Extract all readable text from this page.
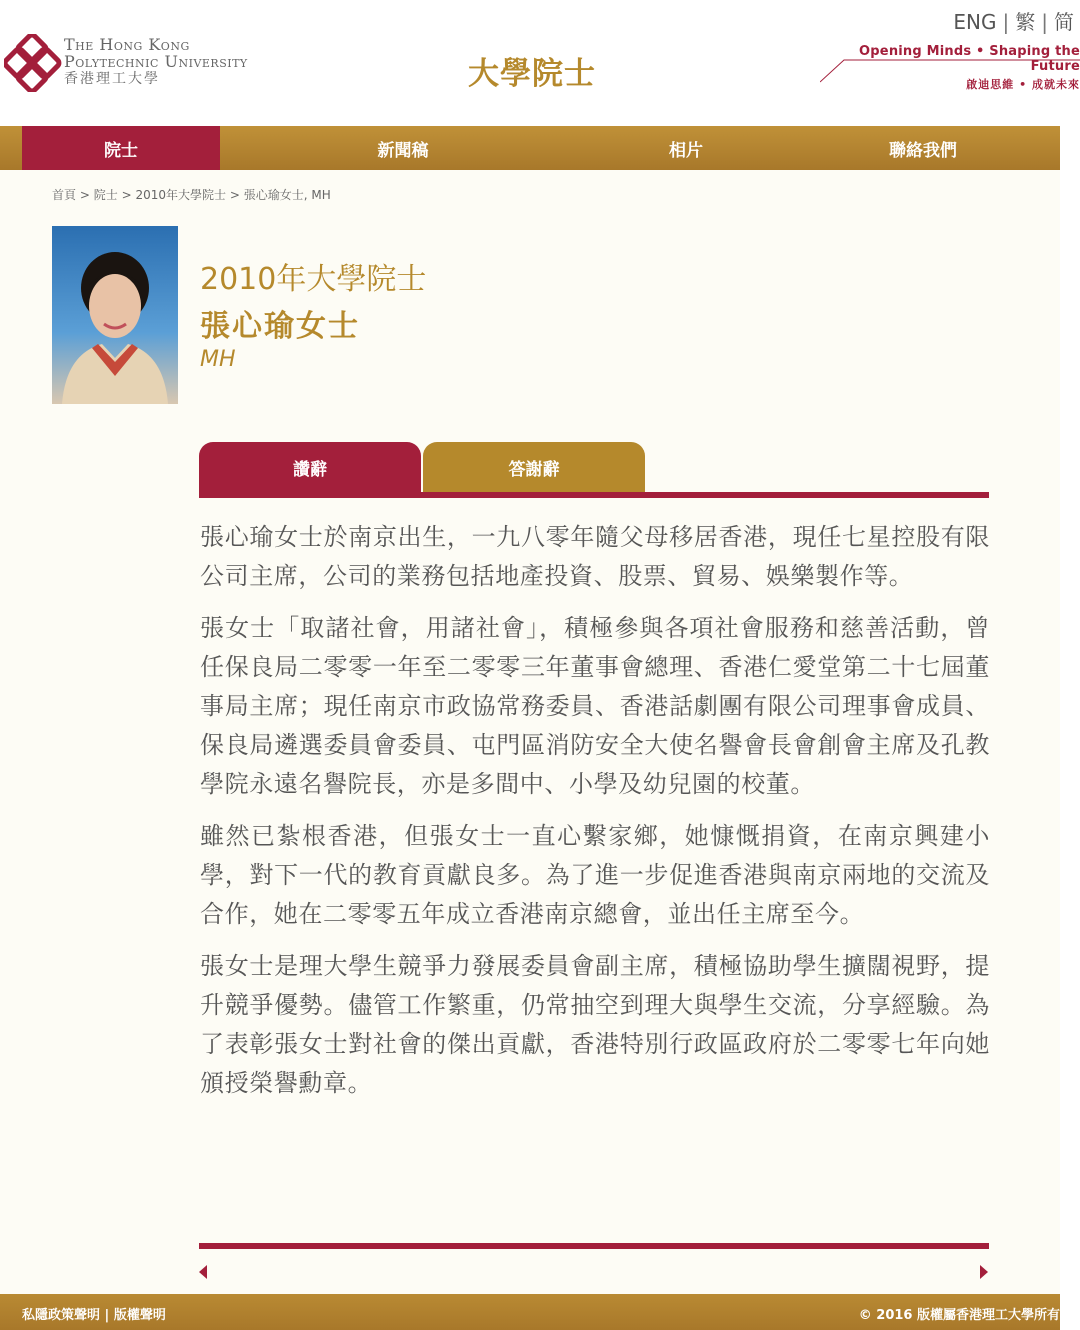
The Hong Kong
Polytechnic University
香港理工大學	大學院士
ENG | 繁 | 简
Opening Minds • Shaping the Future
啟迪思維 • 成就未來
院士	新聞稿	相片	聯絡我們
首頁 > 院士 > 2010年大學院士 > 張心瑜女士, MH
2010年大學院士
張心瑜女士
MH
讚辭	答謝辭

張心瑜女士於南京出生，一九八零年隨父母移居香港，現任七星控股有限公司主席，公司的業務包括地產投資、股票、貿易、娛樂製作等。

張女士「取諸社會，用諸社會」，積極參與各項社會服務和慈善活動，曾任保良局二零零一年至二零零三年董事會總理、香港仁愛堂第二十七屆董事局主席；現任南京市政協常務委員、香港話劇團有限公司理事會成員、保良局遴選委員會委員、屯門區消防安全大使名譽會長會創會主席及孔教學院永遠名譽院長，亦是多間中、小學及幼兒園的校董。

雖然已紮根香港，但張女士一直心繫家鄉，她慷慨捐資，在南京興建小學，對下一代的教育貢獻良多。為了進一步促進香港與南京兩地的交流及合作，她在二零零五年成立香港南京總會，並出任主席至今。

張女士是理大學生競爭力發展委員會副主席，積極協助學生擴闊視野，提升競爭優勢。儘管工作繁重，仍常抽空到理大與學生交流，分享經驗。為了表彰張女士對社會的傑出貢獻，香港特別行政區政府於二零零七年向她頒授榮譽勳章。

私隱政策聲明 | 版權聲明	© 2016 版權屬香港理工大學所有
